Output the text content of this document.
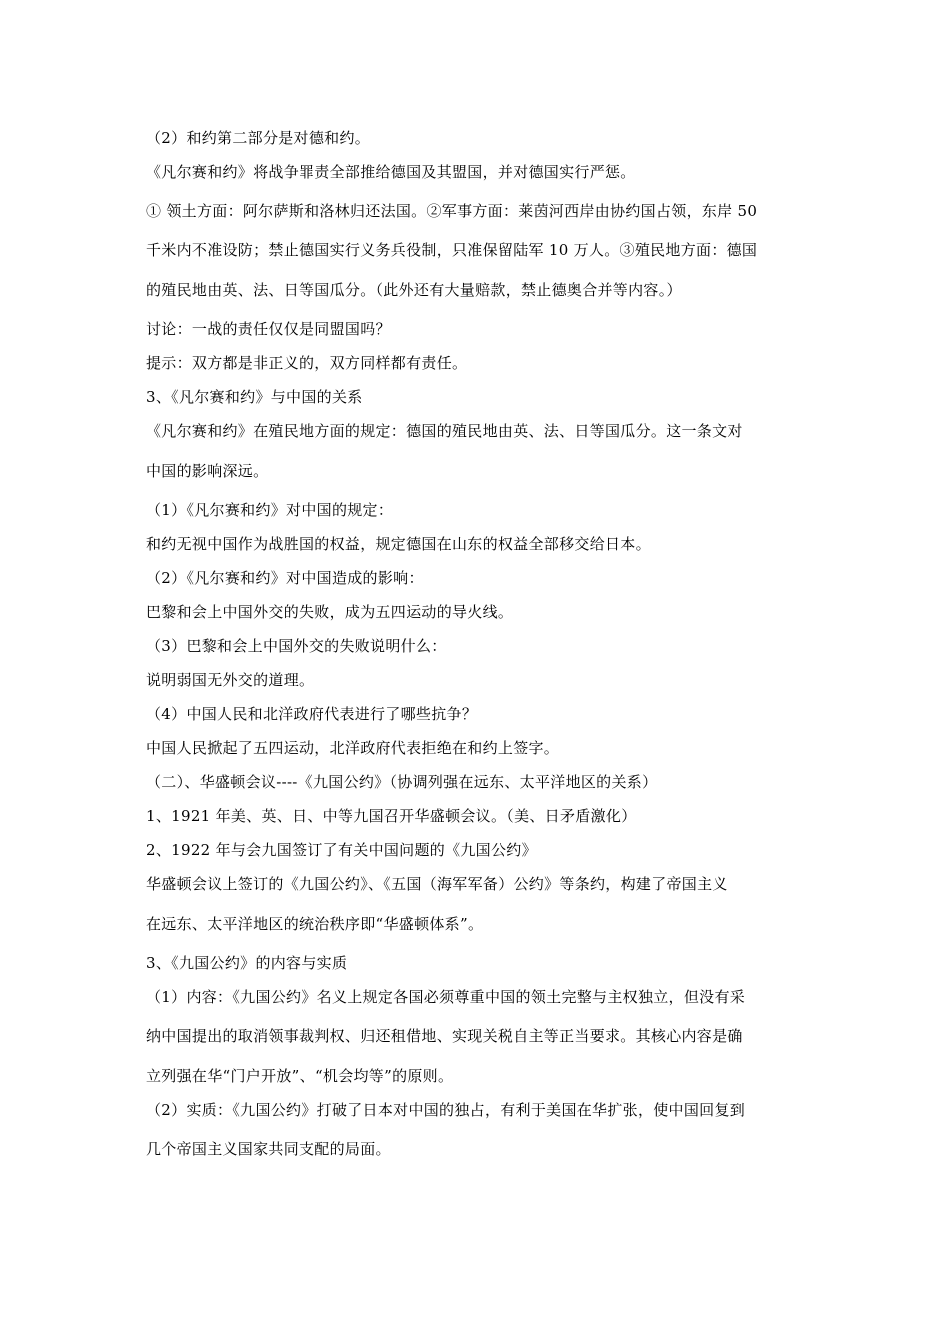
（2）和约第二部分是对德和约。
《凡尔赛和约》将战争罪责全部推给德国及其盟国，并对德国实行严惩。
① 领土方面：阿尔萨斯和洛林归还法国。②军事方面：莱茵河西岸由协约国占领，东岸 50
千米内不准设防；禁止德国实行义务兵役制，只准保留陆军 10 万人。③殖民地方面：德国
的殖民地由英、法、日等国瓜分。（此外还有大量赔款，禁止德奥合并等内容。）
讨论：一战的责任仅仅是同盟国吗？
提示：双方都是非正义的，双方同样都有责任。
3、《凡尔赛和约》与中国的关系
《凡尔赛和约》在殖民地方面的规定：德国的殖民地由英、法、日等国瓜分。这一条文对
中国的影响深远。
（1）《凡尔赛和约》对中国的规定：
和约无视中国作为战胜国的权益，规定德国在山东的权益全部移交给日本。
（2）《凡尔赛和约》对中国造成的影响：
巴黎和会上中国外交的失败，成为五四运动的导火线。
（3）巴黎和会上中国外交的失败说明什么：
说明弱国无外交的道理。
（4）中国人民和北洋政府代表进行了哪些抗争？
中国人民掀起了五四运动，北洋政府代表拒绝在和约上签字。
（二）、华盛顿会议----《九国公约》（协调列强在远东、太平洋地区的关系）
1、1921 年美、英、日、中等九国召开华盛顿会议。（美、日矛盾激化）
2、1922 年与会九国签订了有关中国问题的《九国公约》
华盛顿会议上签订的《九国公约》、《五国（海军军备）公约》等条约，构建了帝国主义
在远东、太平洋地区的统治秩序即“华盛顿体系”。
3、《九国公约》的内容与实质
（1）内容：《九国公约》名义上规定各国必须尊重中国的领土完整与主权独立，但没有采
纳中国提出的取消领事裁判权、归还租借地、实现关税自主等正当要求。其核心内容是确
立列强在华“门户开放”、“机会均等”的原则。
（2）实质：《九国公约》打破了日本对中国的独占，有利于美国在华扩张，使中国回复到
几个帝国主义国家共同支配的局面。
